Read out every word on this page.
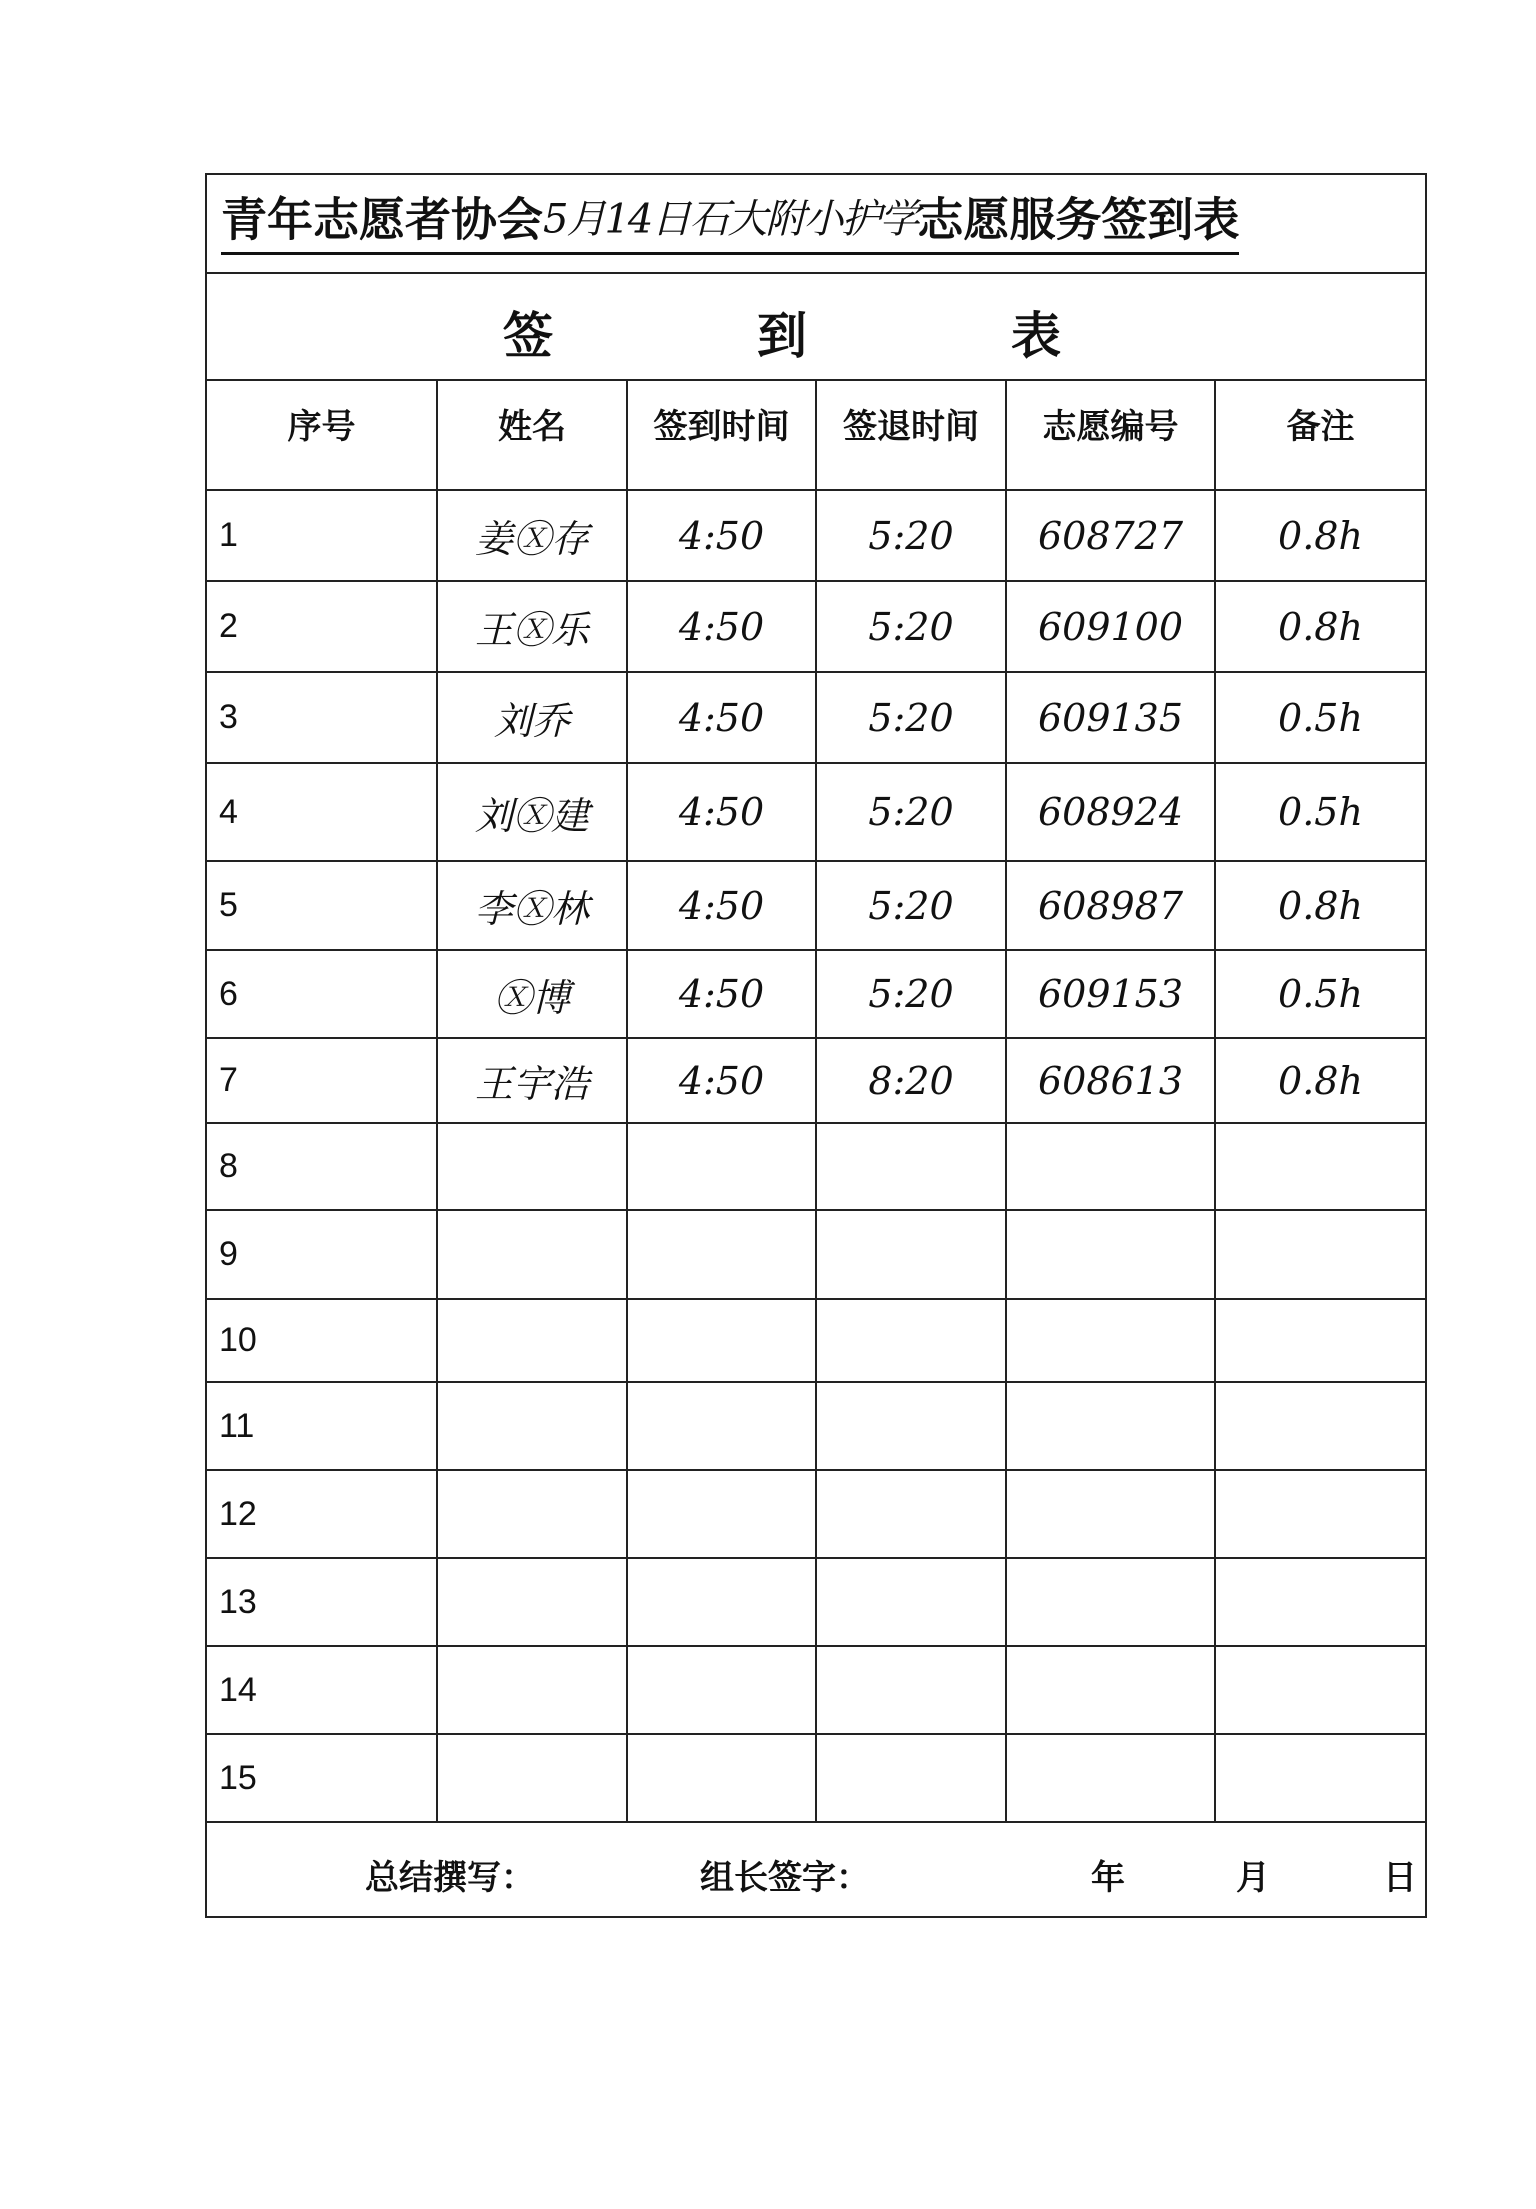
青年志愿者协会5月14日石大附小护学志愿服务签到表
签	到	表
序号	姓名	签到时间	签退时间	志愿编号	备注
1	姜Ⓧ存	4:50	5:20	608727	0.8h
2	王Ⓧ乐	4:50	5:20	609100	0.8h
3	刘乔	4:50	5:20	609135	0.5h
4	刘Ⓧ建	4:50	5:20	608924	0.5h
5	李Ⓧ林	4:50	5:20	608987	0.8h
6	Ⓧ博	4:50	5:20	609153	0.5h
7	王宇浩	4:50	8:20	608613	0.8h
8					
9					
10					
11					
12					
13					
14					
15					
总结撰写：	组长签字：	年	月	日
